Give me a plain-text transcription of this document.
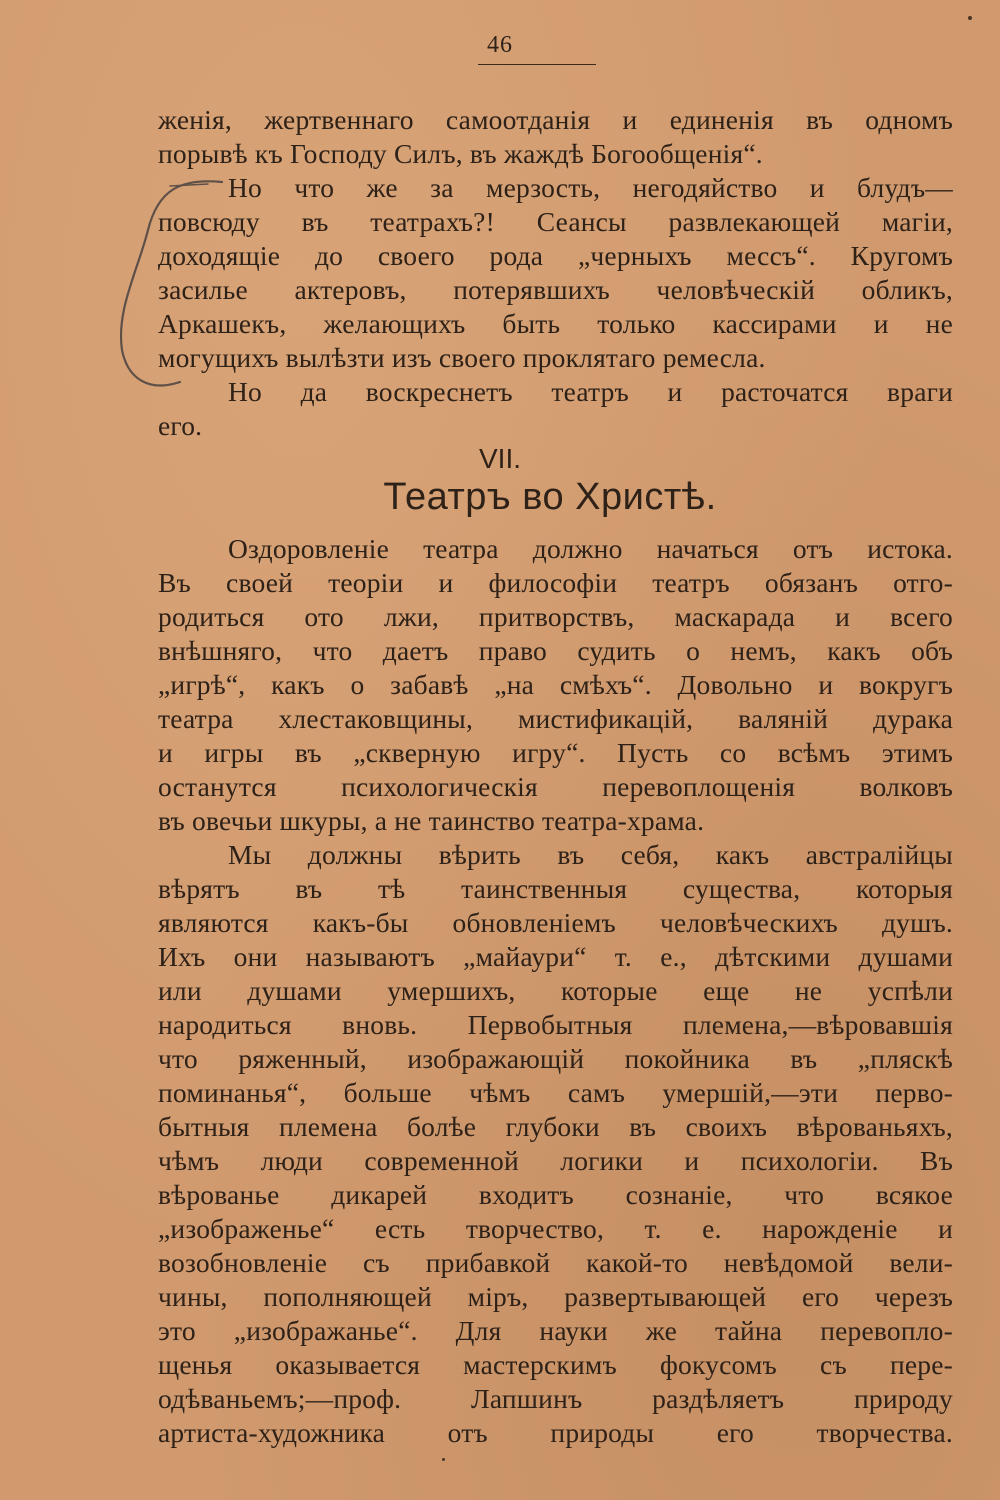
46
женія, жертвеннаго самоотданія и единенія въ одномъ
порывѣ къ Господу Силъ, въ жаждѣ Богообщенія“.
Но что же за мерзость, негодяйство и блудъ—
повсюду въ театрахъ?! Сеансы развлекающей магіи,
доходящіе до своего рода „черныхъ мессъ“. Кругомъ
засилье актеровъ, потерявшихъ человѣческій обликъ,
Аркашекъ, желающихъ быть только кассирами и не
могущихъ вылѣзти изъ своего проклятаго ремесла.
Но да воскреснетъ театръ и расточатся враги
его.
VII.
Театръ во Христѣ.
Оздоровленіе театра должно начаться отъ истока.
Въ своей теоріи и философіи театръ обязанъ отго-
родиться ото лжи, притворствъ, маскарада и всего
внѣшняго, что даетъ право судить о немъ, какъ объ
„игрѣ“, какъ о забавѣ „на смѣхъ“. Довольно и вокругъ
театра хлестаковщины, мистификацій, валяній дурака
и игры въ „скверную игру“. Пусть со всѣмъ этимъ
останутся психологическія перевоплощенія волковъ
въ овечьи шкуры, а не таинство театра-храма.
Мы должны вѣрить въ себя, какъ австралійцы
вѣрятъ въ тѣ таинственныя существа, которыя
являются какъ-бы обновленіемъ человѣческихъ душъ.
Ихъ они называютъ „майаури“ т. е., дѣтскими душами
или душами умершихъ, которые еще не успѣли
народиться вновь. Первобытныя племена,—вѣровавшія
что ряженный, изображающій покойника въ „пляскѣ
поминанья“, больше чѣмъ самъ умершій,—эти перво-
бытныя племена болѣе глубоки въ своихъ вѣрованьяхъ,
чѣмъ люди современной логики и психологіи. Въ
вѣрованье дикарей входитъ сознаніе, что всякое
„изображенье“ есть творчество, т. е. нарожденіе и
возобновленіе съ прибавкой какой-то невѣдомой вели-
чины, пополняющей міръ, развертывающей его черезъ
это „изображанье“. Для науки же тайна перевопло-
щенья оказывается мастерскимъ фокусомъ съ пере-
одѣваньемъ;—проф. Лапшинъ раздѣляетъ природу
артиста-художника отъ природы его творчества.
